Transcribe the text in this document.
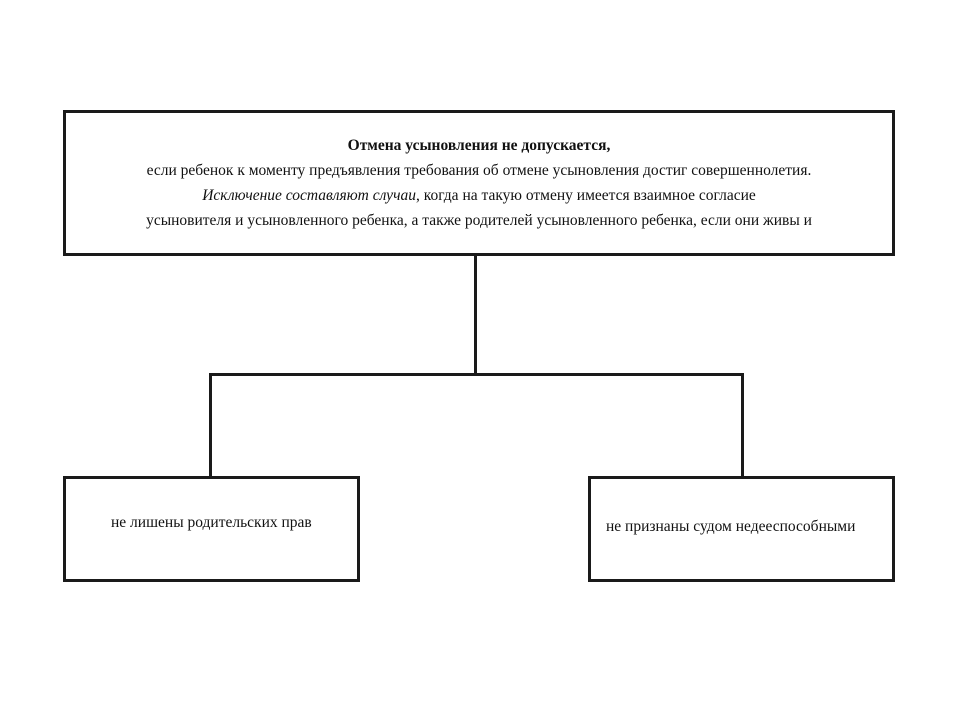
Отмена усыновления не допускается,
если ребенок к моменту предъявления требования об отмене усыновления достиг совершеннолетия.
Исключение составляют случаи, когда на такую отмену имеется взаимное согласие
усыновителя и усыновленного ребенка, а также родителей усыновленного ребенка, если они живы и
не лишены родительских прав	не признаны судом недееспособными
